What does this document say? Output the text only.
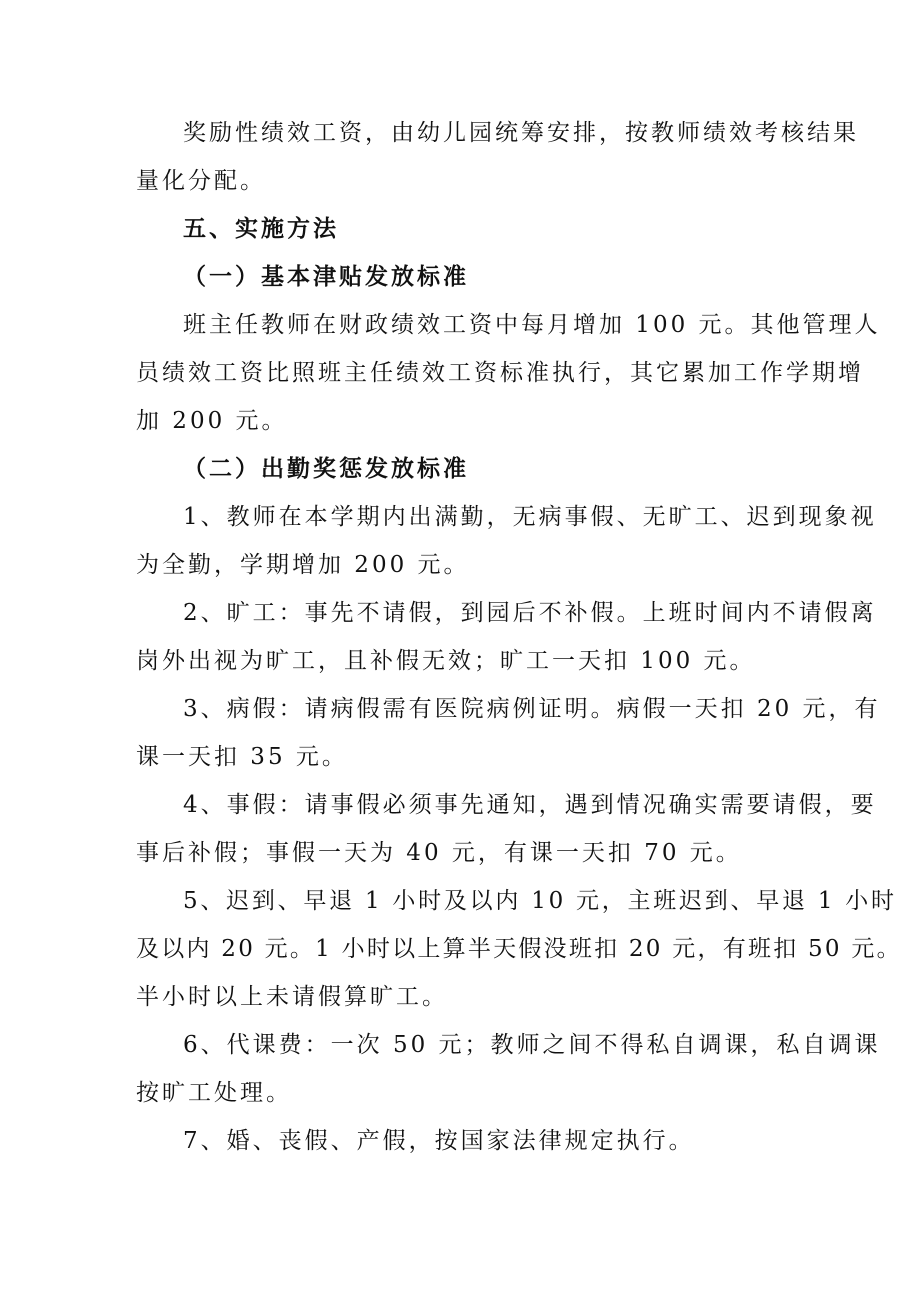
奖励性绩效工资，由幼儿园统筹安排，按教师绩效考核结果
量化分配。
五、实施方法
（一）基本津贴发放标准
班主任教师在财政绩效工资中每月增加 100 元。其他管理人
员绩效工资比照班主任绩效工资标准执行，其它累加工作学期增
加 200 元。
（二）出勤奖惩发放标准
1、教师在本学期内出满勤，无病事假、无旷工、迟到现象视
为全勤，学期增加 200 元。
2、旷工：事先不请假，到园后不补假。上班时间内不请假离
岗外出视为旷工，且补假无效；旷工一天扣 100 元。
3、病假：请病假需有医院病例证明。病假一天扣 20 元，有
课一天扣 35 元。
4、事假：请事假必须事先通知，遇到情况确实需要请假，要
事后补假；事假一天为 40 元，有课一天扣 70 元。
5、迟到、早退 1 小时及以内 10 元，主班迟到、早退 1 小时
及以内 20 元。1 小时以上算半天假没班扣 20 元，有班扣 50 元。
半小时以上未请假算旷工。
6、代课费：一次 50 元；教师之间不得私自调课，私自调课
按旷工处理。
7、婚、丧假、产假，按国家法律规定执行。
